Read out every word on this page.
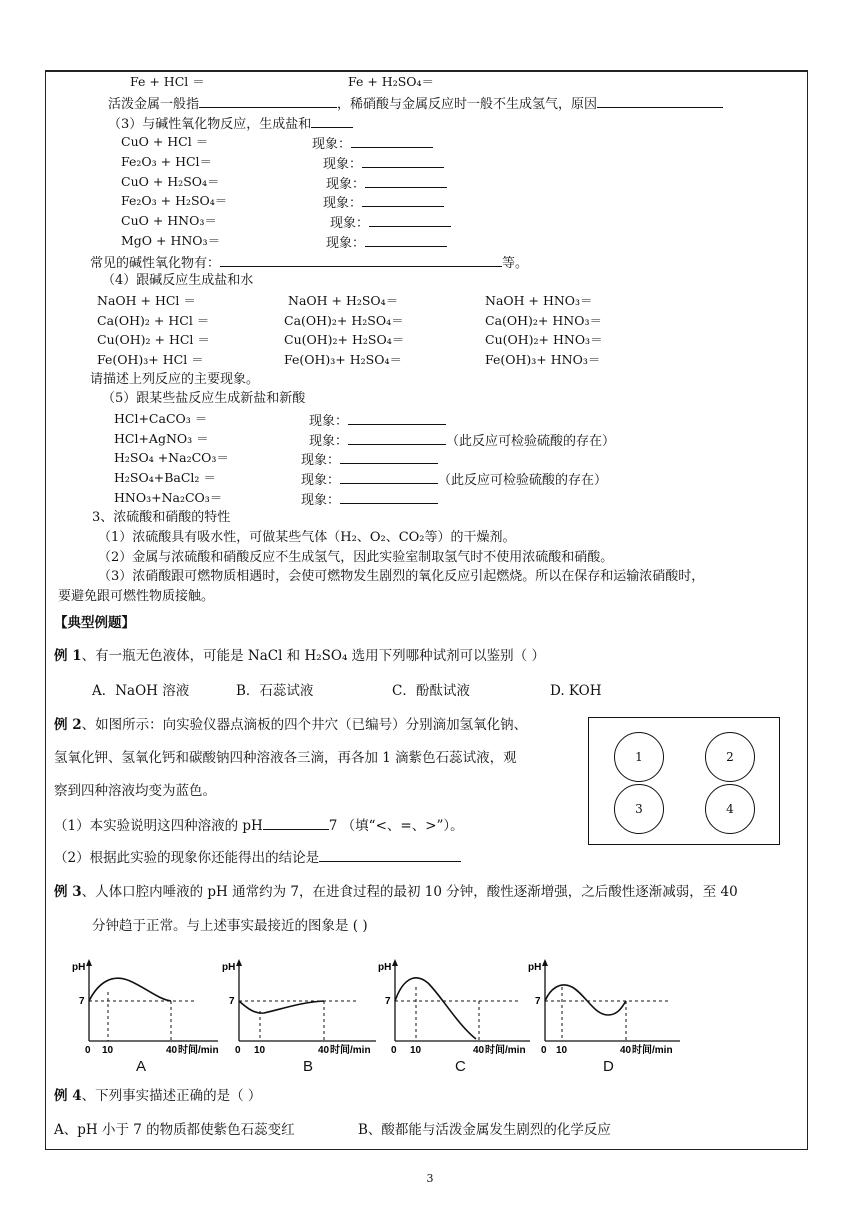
Fe + HCl ＝	Fe + H₂SO₄＝
活泼金属一般指	，稀硝酸与金属反应时一般不生成氢气，原因
（3）与碱性氧化物反应，生成盐和
CuO + HCl ＝	现象：
Fe₂O₃ + HCl＝	现象：
CuO + H₂SO₄＝	现象：
Fe₂O₃ + H₂SO₄＝	现象：
CuO + HNO₃＝	现象：
MgO + HNO₃＝	现象：
常见的碱性氧化物有：	等。
（4）跟碱反应生成盐和水
NaOH + HCl ＝	NaOH + H₂SO₄＝	NaOH + HNO₃＝
Ca(OH)₂ + HCl ＝	Ca(OH)₂+ H₂SO₄＝	Ca(OH)₂+ HNO₃＝
Cu(OH)₂ + HCl ＝	Cu(OH)₂+ H₂SO₄＝	Cu(OH)₂+ HNO₃＝
Fe(OH)₃+ HCl ＝	Fe(OH)₃+ H₂SO₄＝	Fe(OH)₃+ HNO₃＝
请描述上列反应的主要现象。
（5）跟某些盐反应生成新盐和新酸
HCl+CaCO₃ ＝	现象：
HCl+AgNO₃ ＝	现象：	（此反应可检验硫酸的存在）
H₂SO₄ +Na₂CO₃＝	现象：
H₂SO₄+BaCl₂ ＝	现象：	（此反应可检验硫酸的存在）
HNO₃+Na₂CO₃＝	现象：
3、浓硫酸和硝酸的特性
（1）浓硫酸具有吸水性，可做某些气体（H₂、O₂、CO₂等）的干燥剂。
（2）金属与浓硫酸和硝酸反应不生成氢气，因此实验室制取氢气时不使用浓硫酸和硝酸。
（3）浓硝酸跟可燃物质相遇时，会使可燃物发生剧烈的氧化反应引起燃烧。所以在保存和运输浓硝酸时，
要避免跟可燃性物质接触。
【典型例题】
例 1、有一瓶无色液体，可能是 NaCl 和 H₂SO₄ 选用下列哪种试剂可以鉴别（ ）
A．NaOH 溶液	B．石蕊试液	C．酚酞试液	D. KOH
例 2、如图所示：向实验仪器点滴板的四个井穴（已编号）分别滴加氢氧化钠、
氢氧化钾、氢氧化钙和碳酸钠四种溶液各三滴，再各加 1 滴紫色石蕊试液，观
察到四种溶液均变为蓝色。
（1）本实验说明这四种溶液的 pH	7 （填“<、=、>”）。
（2）根据此实验的现象你还能得出的结论是
1	2
3	4
例 3、人体口腔内唾液的 pH 通常约为 7，在进食过程的最初 10 分钟，酸性逐渐增强，之后酸性逐渐减弱，至 40
分钟趋于正常。与上述事实最接近的图象是 ( )
pH
7
0 10	40 时间/min
pH
7
0 10	40 时间/min
pH
7
0 10	40 时间/min
pH
7
0 10	40 时间/min
A	B	C	D
例 4、下列事实描述正确的是（ ）
A、pH 小于 7 的物质都使紫色石蕊变红	B、酸都能与活泼金属发生剧烈的化学反应
3
